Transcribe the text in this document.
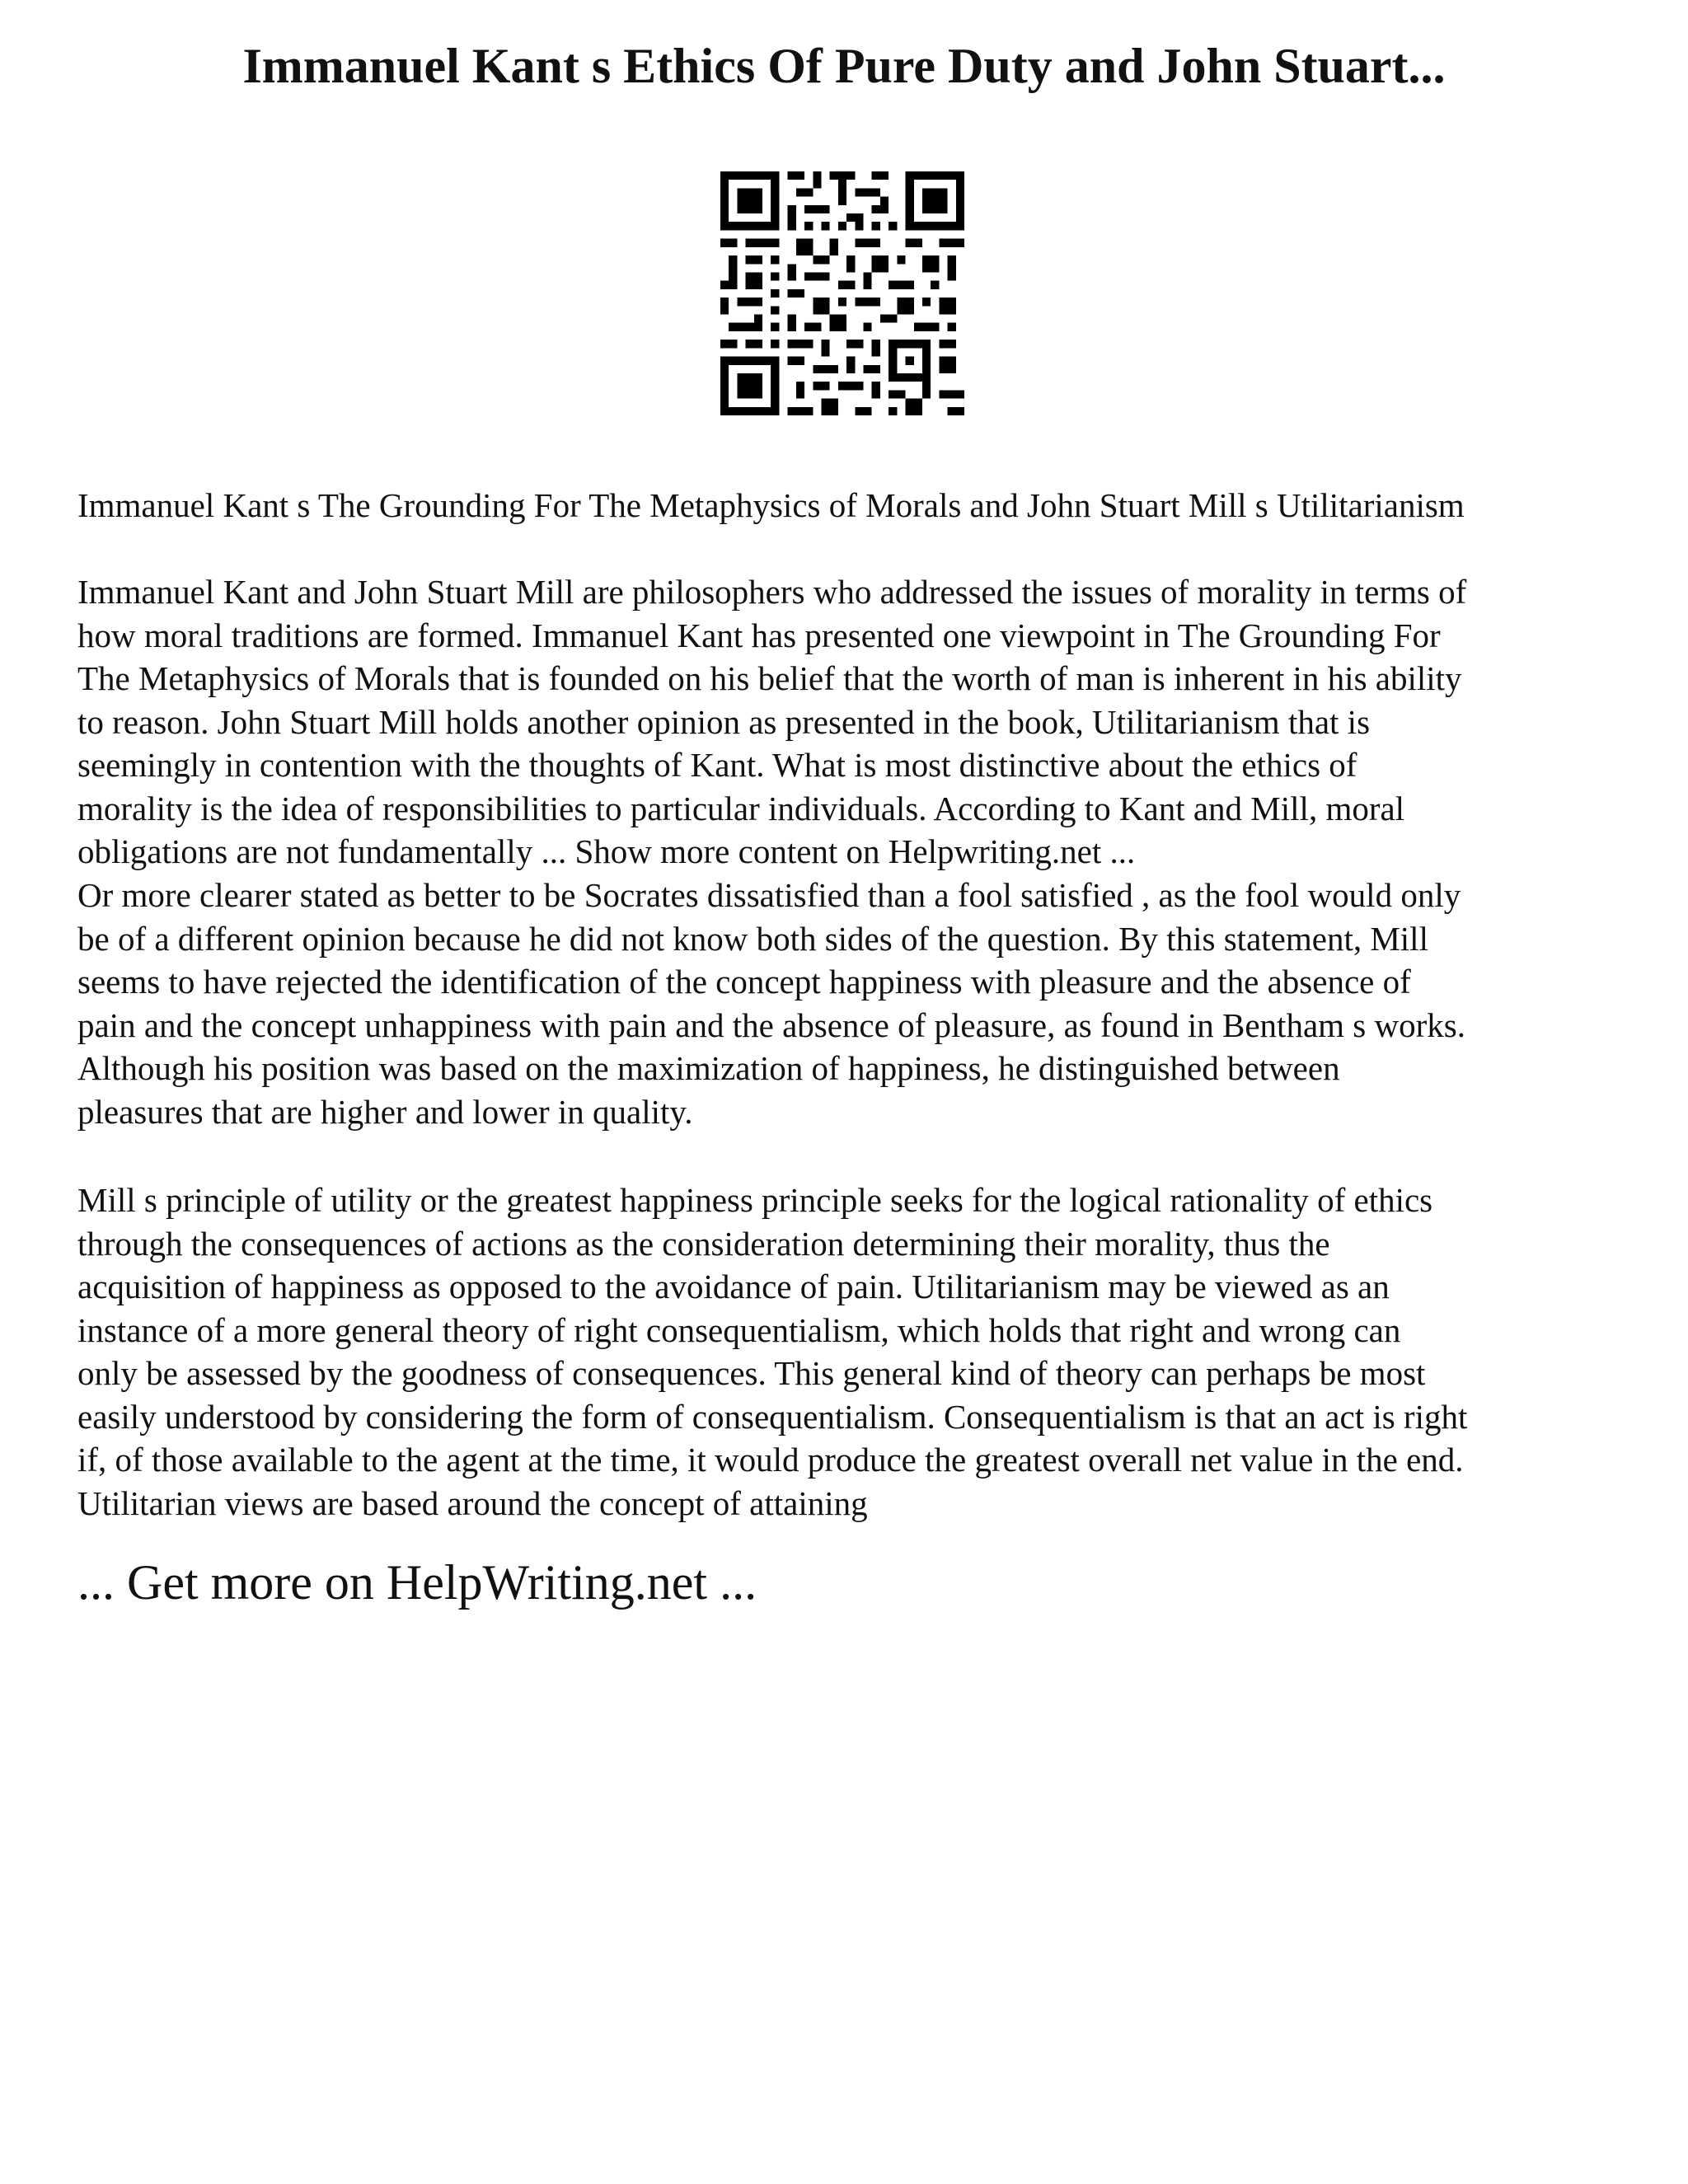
Immanuel Kant s Ethics Of Pure Duty and John Stuart...

Immanuel Kant s The Grounding For The Metaphysics of Morals and John Stuart Mill s Utilitarianism

Immanuel Kant and John Stuart Mill are philosophers who addressed the issues of morality in terms of
how moral traditions are formed. Immanuel Kant has presented one viewpoint in The Grounding For
The Metaphysics of Morals that is founded on his belief that the worth of man is inherent in his ability
to reason. John Stuart Mill holds another opinion as presented in the book, Utilitarianism that is
seemingly in contention with the thoughts of Kant. What is most distinctive about the ethics of
morality is the idea of responsibilities to particular individuals. According to Kant and Mill, moral
obligations are not fundamentally ... Show more content on Helpwriting.net ...
Or more clearer stated as better to be Socrates dissatisfied than a fool satisfied , as the fool would only
be of a different opinion because he did not know both sides of the question. By this statement, Mill
seems to have rejected the identification of the concept happiness with pleasure and the absence of
pain and the concept unhappiness with pain and the absence of pleasure, as found in Bentham s works.
Although his position was based on the maximization of happiness, he distinguished between
pleasures that are higher and lower in quality.
Mill s principle of utility or the greatest happiness principle seeks for the logical rationality of ethics
through the consequences of actions as the consideration determining their morality, thus the
acquisition of happiness as opposed to the avoidance of pain. Utilitarianism may be viewed as an
instance of a more general theory of right consequentialism, which holds that right and wrong can
only be assessed by the goodness of consequences. This general kind of theory can perhaps be most
easily understood by considering the form of consequentialism. Consequentialism is that an act is right
if, of those available to the agent at the time, it would produce the greatest overall net value in the end.
Utilitarian views are based around the concept of attaining

... Get more on HelpWriting.net ...
